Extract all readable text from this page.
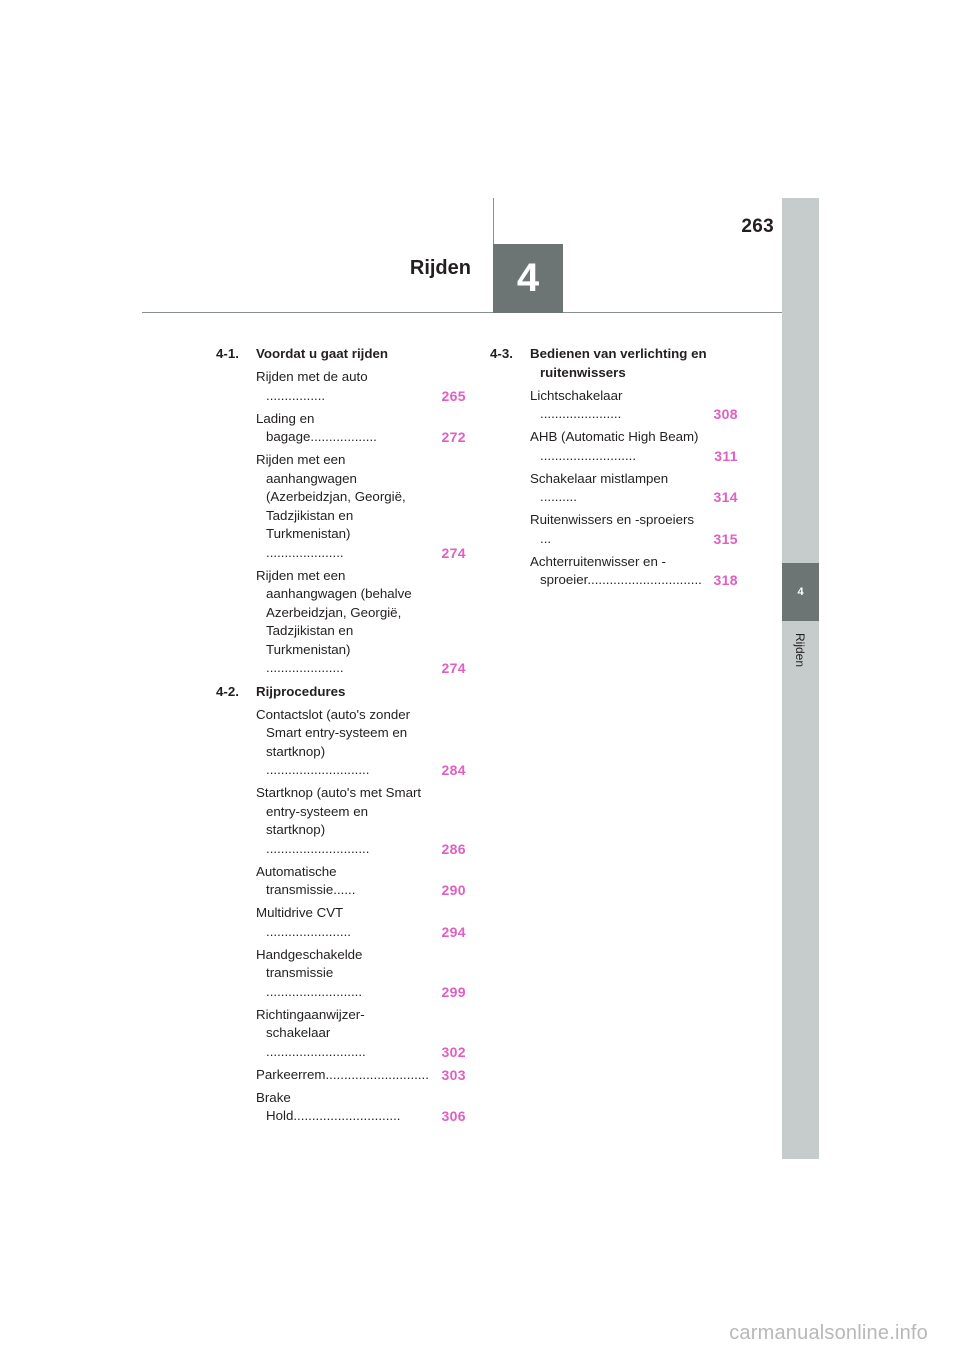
4
Rijden
263
4
Rijden
4-1. Voordat u gaat rijden
Rijden met de auto ................	265
Lading en bagage..................	272
Rijden met een aanhangwagen (Azerbeidzjan, Georgië, Tadzjikistan en Turkmenistan) .....................	274
Rijden met een aanhangwagen (behalve Azerbeidzjan, Georgië, Tadzjikistan en Turkmenistan) .....................	274
4-2. Rijprocedures
Contactslot (auto's zonder Smart entry-systeem en startknop) ............................	284
Startknop (auto's met Smart entry-systeem en startknop) ............................	286
Automatische transmissie......	290
Multidrive CVT .......................	294
Handgeschakelde transmissie ..........................	299
Richtingaanwijzer-schakelaar ...........................	302
Parkeerrem............................ 303
Brake Hold.............................	306
4-3. Bedienen van verlichting en ruitenwissers
Lichtschakelaar ......................	308
AHB (Automatic High Beam) ..........................	311
Schakelaar mistlampen ..........	314
Ruitenwissers en -sproeiers ...	315
Achterruitenwisser en -sproeier............................... 318
carmanualsonline.info
